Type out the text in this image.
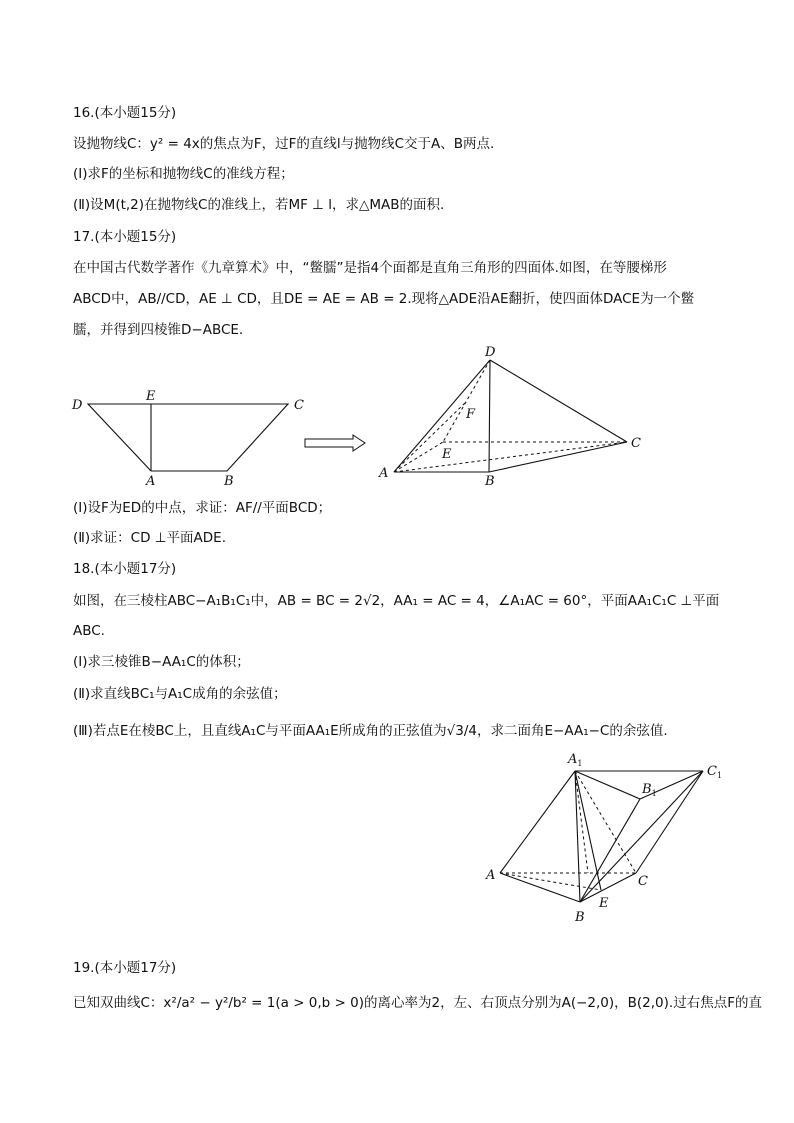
16.(本小题15分)
设抛物线C：y² = 4x的焦点为F，过F的直线l与抛物线C交于A、B两点.
(Ⅰ)求F的坐标和抛物线C的准线方程；
(Ⅱ)设M(t,2)在抛物线C的准线上，若MF ⊥ l，求△MAB的面积.
17.(本小题15分)
在中国古代数学著作《九章算术》中，“鳖臑”是指4个面都是直角三角形的四面体.如图，在等腰梯形
ABCD中，AB//CD，AE ⊥ CD，且DE = AE = AB = 2.现将△ADE沿AE翻折，使四面体DACE为一个鳖
臑，并得到四棱锥D−ABCE.
D
E
C
A	B
D
F
E
C
A
B
(Ⅰ)设F为ED的中点，求证：AF//平面BCD；
(Ⅱ)求证：CD ⊥平面ADE.
18.(本小题17分)
如图，在三棱柱ABC−A₁B₁C₁中，AB = BC = 2√2，AA₁ = AC = 4，∠A₁AC = 60°，平面AA₁C₁C ⊥平面
ABC.
(Ⅰ)求三棱锥B−AA₁C的体积；
(Ⅱ)求直线BC₁与A₁C成角的余弦值；
(Ⅲ)若点E在棱BC上，且直线A₁C与平面AA₁E所成角的正弦值为√3/4，求二面角E−AA₁−C的余弦值.
$A_1$
$B_1$
$C_1$
A
B
C
E
19.(本小题17分)
已知双曲线C：x²/a² − y²/b² = 1(a > 0,b > 0)的离心率为2，左、右顶点分别为A(−2,0)，B(2,0).过右焦点F的直
